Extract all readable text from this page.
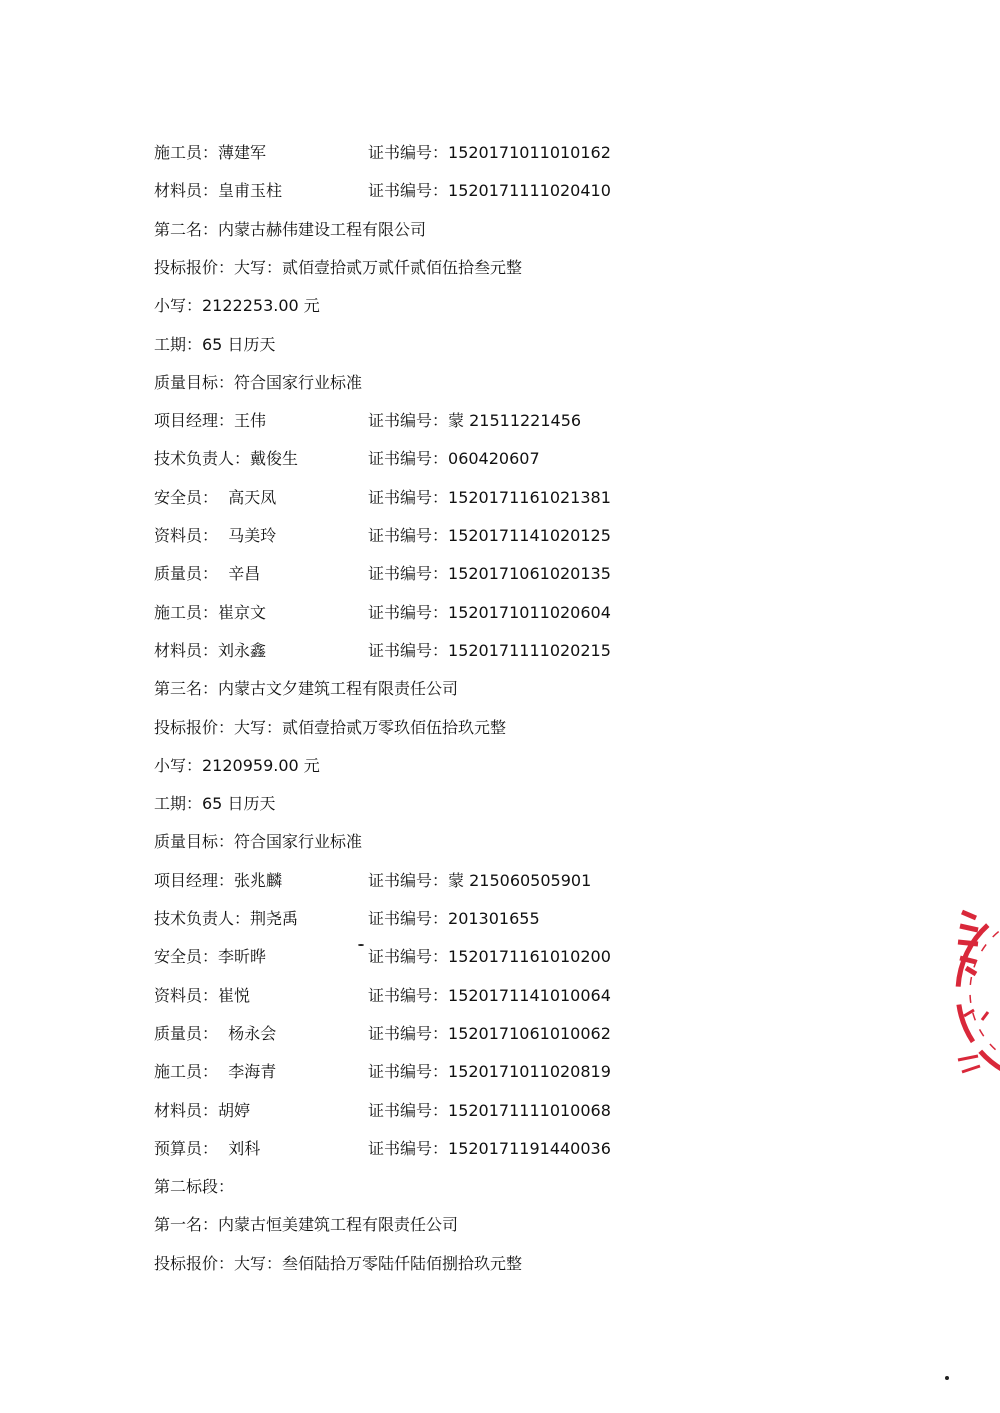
施工员：薄建军	证书编号：1520171011010162
材料员：皇甫玉柱	证书编号：1520171111020410
第二名：内蒙古赫伟建设工程有限公司
投标报价：大写：贰佰壹拾贰万贰仟贰佰伍拾叁元整
小写：2122253.00 元
工期：65 日历天
质量目标：符合国家行业标准
项目经理：王伟	证书编号：蒙 21511221456
技术负责人：戴俊生	证书编号：060420607
安全员：  高天凤	证书编号：1520171161021381
资料员：  马美玲	证书编号：1520171141020125
质量员：  辛昌	证书编号：1520171061020135
施工员：崔京文	证书编号：1520171011020604
材料员：刘永鑫	证书编号：1520171111020215
第三名：内蒙古文夕建筑工程有限责任公司
投标报价：大写：贰佰壹拾贰万零玖佰伍拾玖元整
小写：2120959.00 元
工期：65 日历天
质量目标：符合国家行业标准
项目经理：张兆麟	证书编号：蒙 215060505901
技术负责人：荆尧禹	证书编号：201301655
安全员：李昕晔	证书编号：1520171161010200
资料员：崔悦	证书编号：1520171141010064
质量员：  杨永会	证书编号：1520171061010062
施工员：  李海青	证书编号：1520171011020819
材料员：胡婷	证书编号：1520171111010068
预算员：  刘科	证书编号：1520171191440036
第二标段：
第一名：内蒙古恒美建筑工程有限责任公司
投标报价：大写：叁佰陆拾万零陆仟陆佰捌拾玖元整
